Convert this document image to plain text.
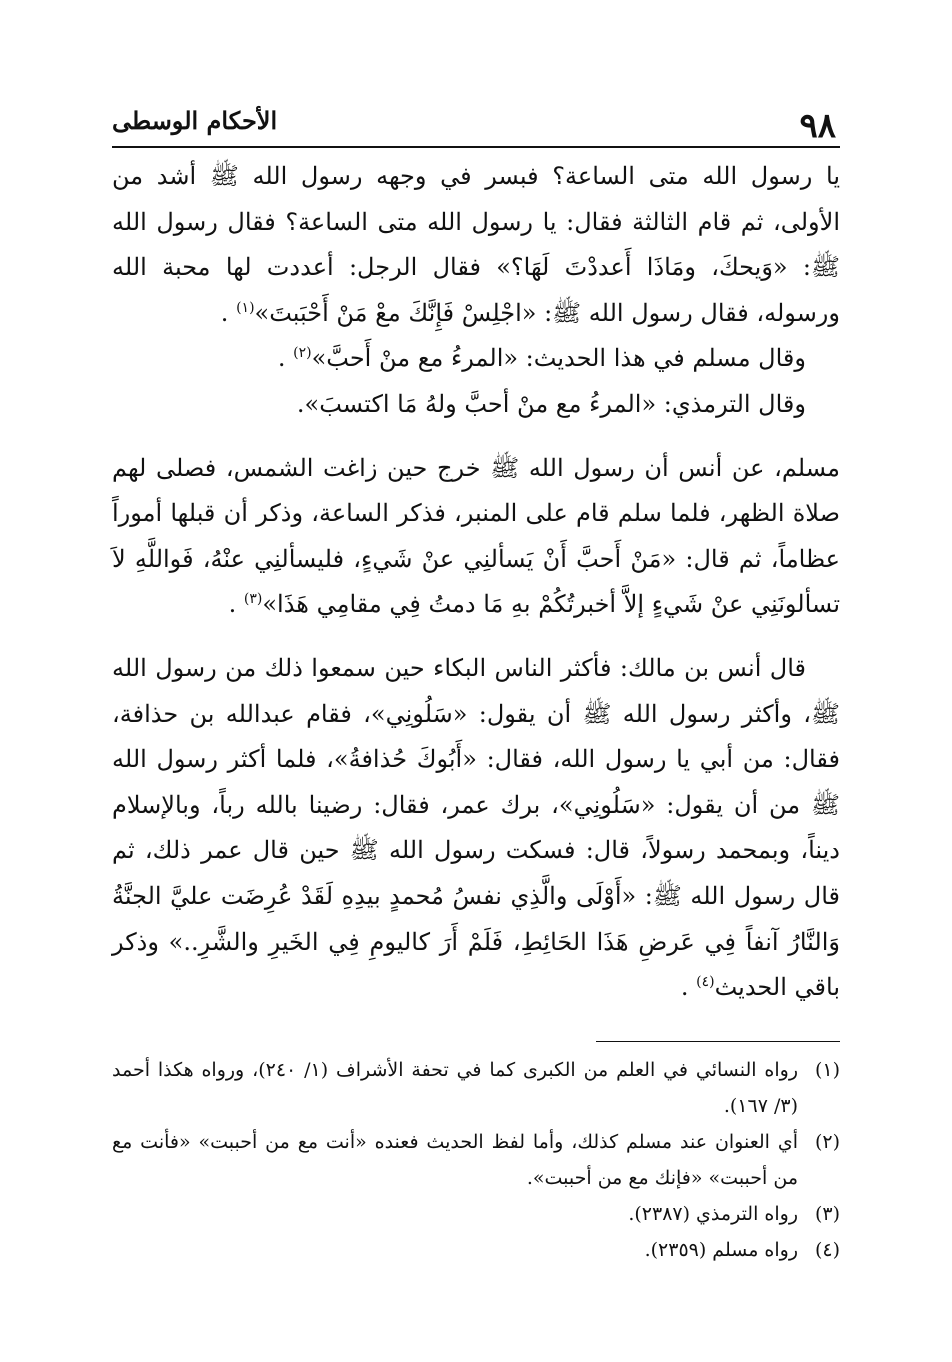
٩٨
الأحكام الوسطى

يا رسول الله متى الساعة؟ فبسر في وجهه رسول الله ﷺ أشد من الأولى، ثم قام الثالثة فقال: يا رسول الله متى الساعة؟ فقال رسول الله ﷺ: «وَيحكَ، ومَاذَا أَعددْتَ لَهَا؟» فقال الرجل: أعددت لها محبة الله ورسوله، فقال رسول الله ﷺ: «اجْلِسْ فَإِنَّكَ معْ مَنْ أَحْبَبتَ»$^{(١)}$ .

وقال مسلم في هذا الحديث: «المرءُ مع منْ أَحبَّ»$^{(٢)}$ .

وقال الترمذي: «المرءُ مع منْ أحبَّ ولهُ مَا اكتسبَ».

مسلم، عن أنس أن رسول الله ﷺ خرج حين زاغت الشمس، فصلى لهم صلاة الظهر، فلما سلم قام على المنبر، فذكر الساعة، وذكر أن قبلها أموراً عظاماً، ثم قال: «مَنْ أَحبَّ أَنْ يَسألنِي عنْ شَيءٍ، فليسألنِي عنْهُ، فَواللَّهِ لاَ تسألونَنِي عنْ شَيءٍ إلاَّ أخبرتُكُمْ بهِ مَا دمتُ فِي مقامِي هَذَا»$^{(٣)}$ .

قال أنس بن مالك: فأكثر الناس البكاء حين سمعوا ذلك من رسول الله ﷺ، وأكثر رسول الله ﷺ أن يقول: «سَلُونِي»، فقام عبدالله بن حذافة، فقال: من أبي يا رسول الله، فقال: «أَبُوكَ حُذافةُ»، فلما أكثر رسول الله ﷺ من أن يقول: «سَلُونِي»، برك عمر، فقال: رضينا بالله رباً، وبالإسلام ديناً، وبمحمد رسولاً، قال: فسكت رسول الله ﷺ حين قال عمر ذلك، ثم قال رسول الله ﷺ: «أَوْلَى والَّذِي نفسُ مُحمدٍ بيدِهِ لَقَدْ عُرِضَت عليَّ الجنَّةُ وَالنَّارُ آنفاً فِي عَرضِ هَذَا الحَائِطِ، فَلَمْ أَرَ كاليومِ فِي الخَيرِ والشَّرِ..» وذكر باقي الحديث$^{(٤)}$ .

(١)
رواه النسائي في العلم من الكبرى كما في تحفة الأشراف (١/ ٢٤٠)، ورواه هكذا أحمد (٣/ ١٦٧).
(٢)
أي العنوان عند مسلم كذلك، وأما لفظ الحديث فعنده «أنت مع من أحببت» «فأنت مع من أحببت» «فإنك مع من أحببت».
(٣)
رواه الترمذي (٢٣٨٧).
(٤)
رواه مسلم (٢٣٥٩).
